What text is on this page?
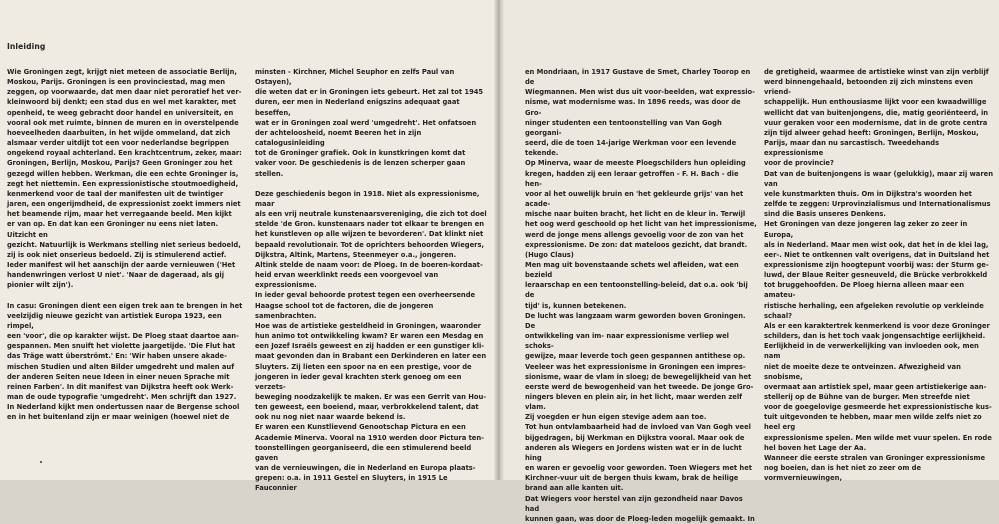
Inleiding

Wie Groningen zegt, krijgt niet meteen de associatie Berlijn,
Moskou, Parijs. Groningen is een provinciestad, mag men
zeggen, op voorwaarde, dat men daar niet peroratief het ver-
kleinwoord bij denkt; een stad dus en wel met karakter, met
openheid, te weeg gebracht door handel en universiteit, en
vooral ook met ruimte, binnen de muren en in overstelpende
hoeveelheden daarbuiten, in het wijde ommeland, dat zich
alsmaar verder uitdijt tot een voor nederlandse begrippen
ongekend royaal achterland. Een krachtcentrum, zeker, maar:
Groningen, Berlijn, Moskou, Parijs? Geen Groninger zou het
gezegd willen hebben. Werkman, die een echte Groninger is,
zegt het niettemin. Een expressionistische stoutmoedigheid,
kenmerkend voor de taal der manifesten uit de twintiger
jaren, een ongerijmdheid, de expressionist zoekt immers niet
het beamende rijm, maar het verregaande beeld. Men kijkt
er van op. En dat kan een Groninger nu eens niet laten. Uitzicht en
gezicht. Natuurlijk is Werkmans stelling niet serieus bedoeld,
zij is ook niet onserieus bedoeld. Zij is stimulerend actief.
Ieder manifest wil het aanschijn der aarde vernieuwen ('Het
handenwringen verlost U niet'. 'Naar de dageraad, als gij
pionier wilt zijn').

In casu: Groningen dient een eigen trek aan te brengen in het
veelzijdig nieuwe gezicht van artistiek Europa 1923, een rimpel,
een 'voor', die op karakter wijst. De Ploeg staat daartoe aan-
gespannen. Men snuift het violette jaargetijde. 'Die Flut hat
das Träge watt überströmt.' En: 'Wir haben unsere akade-
mischen Studien und alten Bilder umgedreht und malen auf
der anderen Seiten neue Ideen in einer neuen Sprache mit
reinen Farben'. In dit manifest van Dijkstra heeft ook Werk-
man de oude typografie 'umgedreht'. Men schrijft dan 1927.
In Nederland kijkt men ondertussen naar de Bergense school
en in het buitenland zijn er maar weinigen (hoewel niet de

minsten - Kirchner, Michel Seuphor en zelfs Paul van Ostayen),
die weten dat er in Groningen iets gebeurt. Het zal tot 1945
duren, eer men in Nederland enigszins adequaat gaat beseffen,
wat er in Groningen zoal werd 'umgedreht'. Het onfatsoen
der achteloosheid, noemt Beeren het in zijn catalogusinleiding
tot de Groninger grafiek. Ook in kunstkringen komt dat
vaker voor. De geschiedenis is de lenzen scherper gaan stellen.

Deze geschiedenis begon in 1918. Niet als expressionisme, maar
als een vrij neutrale kunstenaarsvereniging, die zich tot doel
stelde 'de Gron. kunstenaars nader tot elkaar te brengen en
het kunstleven op alle wijzen te bevorderen'. Dat klinkt niet
bepaald revolutionair. Tot de oprichters behoorden Wiegers,
Dijkstra, Altink, Martens, Steenmeyer o.a., jongeren.
Altink stelde de naam voor: de Ploeg. In de boeren-kordaat-
heid ervan weerklinkt reeds een voorgevoel van expressionisme.
In ieder geval behoorde protest tegen een overheersende
Haagse school tot de factoren, die de jongeren samenbrachten.
Hoe was de artistieke gesteldheid in Groningen, waaronder
hun animo tot ontwikkeling kwam? Er waren een Mesdag en
een Jozef Israëls geweest en zij hadden er een gunstiger kli-
maat gevonden dan in Brabant een Derkinderen en later een
Sluyters. Zij lieten een spoor na en een prestige, voor de
jongeren in ieder geval krachten sterk genoeg om een verzets-
beweging noodzakelijk te maken. Er was een Gerrit van Hou-
ten geweest, een boeiend, maar, verbrokkelend talent, dat
ook nu nog niet naar waarde bekend is.
Er waren een Kunstlievend Genootschap Pictura en een
Academie Minerva. Vooral na 1910 werden door Pictura ten-
toonstellingen georganiseerd, die een stimulerend beeld gaven
van de vernieuwingen, die in Nederland en Europa plaats-
grepen: o.a. in 1911 Gestel en Sluyters, in 1915 Le Fauconnier

en Mondriaan, in 1917 Gustave de Smet, Charley Toorop en de
Wiegmannen. Men wist dus uit voor-beelden, wat expressio-
nisme, wat modernisme was. In 1896 reeds, was door de Gro-
ninger studenten een tentoonstelling van Van Gogh georgani-
seerd, die de toen 14-jarige Werkman voor een levende tekende.
Op Minerva, waar de meeste Ploegschilders hun opleiding
kregen, hadden zij een leraar getroffen - F. H. Bach - die hen-
voor al het ouwelijk bruin en 'het gekleurde grijs' van het acade-
mische naar buiten bracht, het licht en de kleur in. Terwijl
het oog werd geschoold op het licht van het impressionisme,
werd de jonge mens allengs gevoelig voor de zon van het
expressionisme. De zon: dat mateloos gezicht, dat brandt.
(Hugo Claus)
Men mag uit bovenstaande schets wel afleiden, wat een bezield
leraarschap en een tentoonstelling-beleid, dat o.a. ook 'bij de
tijd' is, kunnen betekenen.
De lucht was langzaam warm geworden boven Groningen. De
ontwikkeling van im- naar expressionisme verliep wel schoks-
gewijze, maar leverde toch geen gespannen antithese op.
Veeleer was het expressionisme in Groningen een impres-
sionisme, waar de vlam in sloeg; de bewegelijkheid van het
eerste werd de bewogenheid van het tweede. De jonge Gro-
ningers bleven en plein air, in het licht, maar werden zelf vlam.
Zij voegden er hun eigen stevige adem aan toe.
Tot hun ontvlambaarheid had de invloed van Van Gogh veel
bijgedragen, bij Werkman en Dijkstra vooral. Maar ook de
anderen als Wiegers en Jordens wisten wat er in de lucht hing
en waren er gevoelig voor geworden. Toen Wiegers met het
Kirchner-vuur uit de bergen thuis kwam, brak de heilige
brand aan alle kanten uit.
Dat Wiegers voor herstel van zijn gezondheid naar Davos had
kunnen gaan, was door de Ploeg-leden mogelijk gemaakt. In

de gretigheid, waarmee de artistieke winst van zijn verblijf
werd binnengehaald, betoonden zij zich minstens even vriend-
schappelijk. Hun enthousiasme lijkt voor een kwaadwillige
wellicht dat van buitenjongens, die, matig georiënteerd, in
vuur geraken voor een modernisme, dat in de grote centra
zijn tijd alweer gehad heeft: Groningen, Berlijn, Moskou,
Parijs, maar dan nu sarcastisch. Tweedehands expressionisme
voor de provincie?
Dat van de buitenjongens is waar (gelukkig), maar zij waren van
vele kunstmarkten thuis. Om in Dijkstra's woorden het
zelfde te zeggen: Urprovinzialismus und Internationalismus
sind die Basis unseres Denkens.
Het Groningen van deze jongeren lag zeker zo zeer in Europa,
als in Nederland. Maar men wist ook, dat het in de klei lag,
eer-. Niet te ontkennen valt overigens, dat in Duitsland het
expressionisme zijn hoogtepunt voorbij was: der Sturm ge-
luwd, der Blaue Reiter gesneuveld, die Brücke verbrokkeld
tot bruggehoofden. De Ploeg hierna alleen maar een amateu-
ristische herhaling, een afgeleken revolutie op verkleinde
schaal?
Als er een karaktertrek kenmerkend is voor deze Groninger
schilders, dan is het toch vaak jongensachtige eerlijkheid.
Eerlijkheid in de verwerkelijking van invloeden ook, men nam
niet de moeite deze te ontveinzen. Afwezigheid van snobisme,
overmaat aan artistiek spel, maar geen artistiekerige aan-
stellerij op de Bühne van de burger. Men streefde niet
voor de goegelovige gesmeerde het expressionistische kus-
tuit uitgevonden te hebben, maar men wilde zelfs niet zo heel erg
expressionisme spelen. Men wilde met vuur spelen. En rode
hel boven het Lage der Aa.
Wanneer die eerste stralen van Groninger expressionisme
nog boeien, dan is het niet zo zeer om de vormvernieuwingen,
